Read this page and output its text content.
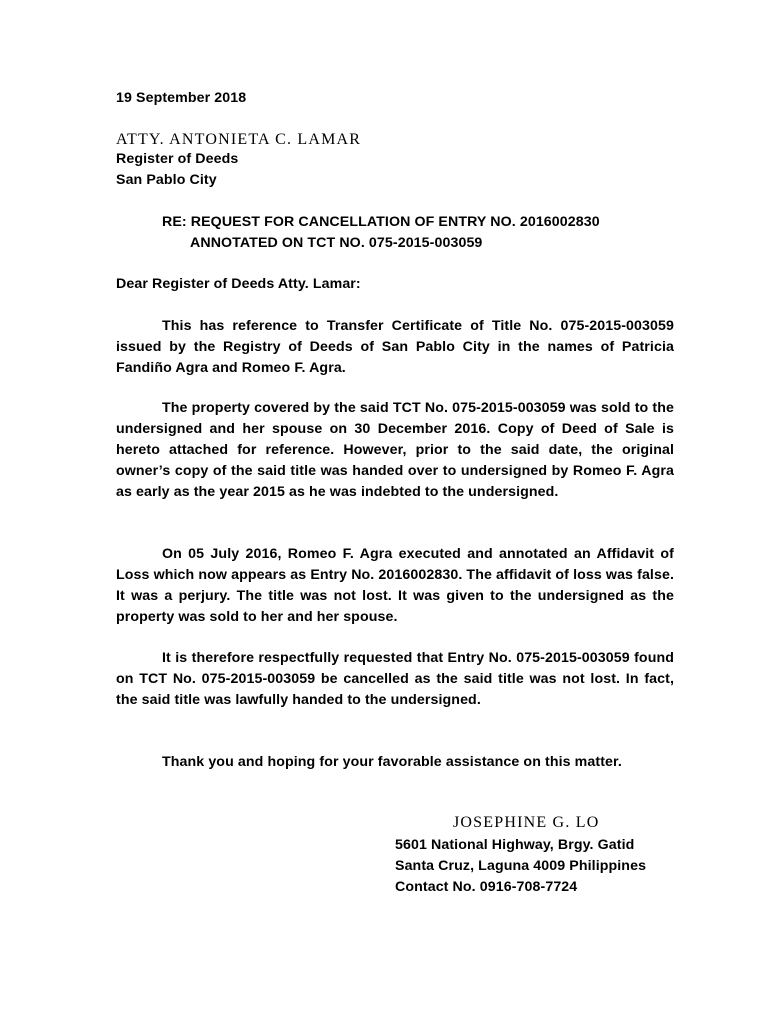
19 September 2018

ATTY. ANTONIETA C. LAMAR

Register of Deeds

San Pablo City

RE: REQUEST FOR CANCELLATION OF ENTRY NO. 2016002830

ANNOTATED ON TCT NO. 075-2015-003059

Dear Register of Deeds Atty. Lamar:

This has reference to Transfer Certificate of Title No. 075-2015-003059 issued by the Registry of Deeds of San Pablo City in the names of Patricia Fandiño Agra and Romeo F. Agra.

The property covered by the said TCT No. 075-2015-003059 was sold to the undersigned and her spouse on 30 December 2016. Copy of Deed of Sale is hereto attached for reference. However, prior to the said date, the original owner’s copy of the said title was handed over to undersigned by Romeo F. Agra as early as the year 2015 as he was indebted to the undersigned.

On 05 July 2016, Romeo F. Agra executed and annotated an Affidavit of Loss which now appears as Entry No. 2016002830. The affidavit of loss was false. It was a perjury. The title was not lost. It was given to the undersigned as the property was sold to her and her spouse.

It is therefore respectfully requested that Entry No. 075-2015-003059 found on TCT No. 075-2015-003059 be cancelled as the said title was not lost. In fact, the said title was lawfully handed to the undersigned.

Thank you and hoping for your favorable assistance on this matter.

JOSEPHINE G. LO
5601 National Highway, Brgy. Gatid
Santa Cruz, Laguna 4009 Philippines
Contact No. 0916-708-7724
